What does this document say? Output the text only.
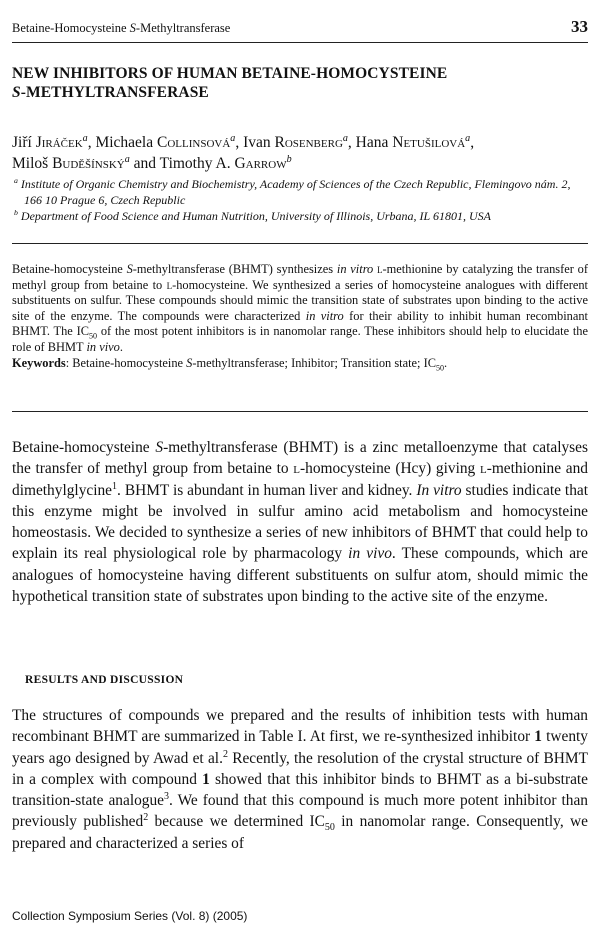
Betaine-Homocysteine S-Methyltransferase	33
NEW INHIBITORS OF HUMAN BETAINE-HOMOCYSTEINE
S-METHYLTRANSFERASE
Jiří Jiráček$^a$, Michaela Collinsová$^a$, Ivan Rosenberg$^a$, Hana Netušilová$^a$,
Miloš Buděšínský$^a$ and Timothy A. Garrow$^b$
$^a$ Institute of Organic Chemistry and Biochemistry, Academy of Sciences of the Czech Republic, Flemingovo nám. 2, 166 10 Prague 6, Czech Republic
$^b$ Department of Food Science and Human Nutrition, University of Illinois, Urbana, IL 61801, USA

Betaine-homocysteine S-methyltransferase (BHMT) synthesizes in vitro l-methionine by catalyzing the transfer of methyl group from betaine to l-homocysteine. We synthesized a series of homocysteine analogues with different substituents on sulfur. These compounds should mimic the transition state of substrates upon binding to the active site of the enzyme. The compounds were characterized in vitro for their ability to inhibit human recombinant BHMT. The $IC_{50}$ of the most potent inhibitors is in nanomolar range. These inhibitors should help to elucidate the role of BHMT in vivo.

Keywords: Betaine-homocysteine S-methyltransferase; Inhibitor; Transition state; $IC_{50}$.

Betaine-homocysteine S-methyltransferase (BHMT) is a zinc metalloenzyme that catalyses the transfer of methyl group from betaine to l-homocysteine (Hcy) giving l-methionine and dimethylglycine$^1$. BHMT is abundant in human liver and kidney. In vitro studies indicate that this enzyme might be involved in sulfur amino acid metabolism and homocysteine homeostasis. We decided to synthesize a series of new inhibitors of BHMT that could help to explain its real physiological role by pharmacology in vivo. These compounds, which are analogues of homocysteine having different substituents on sulfur atom, should mimic the hypothetical transition state of substrates upon binding to the active site of the enzyme.

RESULTS AND DISCUSSION

The structures of compounds we prepared and the results of inhibition tests with human recombinant BHMT are summarized in Table I. At first, we re-synthesized inhibitor 1 twenty years ago designed by Awad et al.$^2$ Recently, the resolution of the crystal structure of BHMT in a complex with compound 1 showed that this inhibitor binds to BHMT as a bi-substrate transition-state analogue$^3$. We found that this compound is much more potent inhibitor than previously published$^2$ because we determined $IC_{50}$ in nanomolar range. Consequently, we prepared and characterized a series of

Collection Symposium Series (Vol. 8) (2005)
